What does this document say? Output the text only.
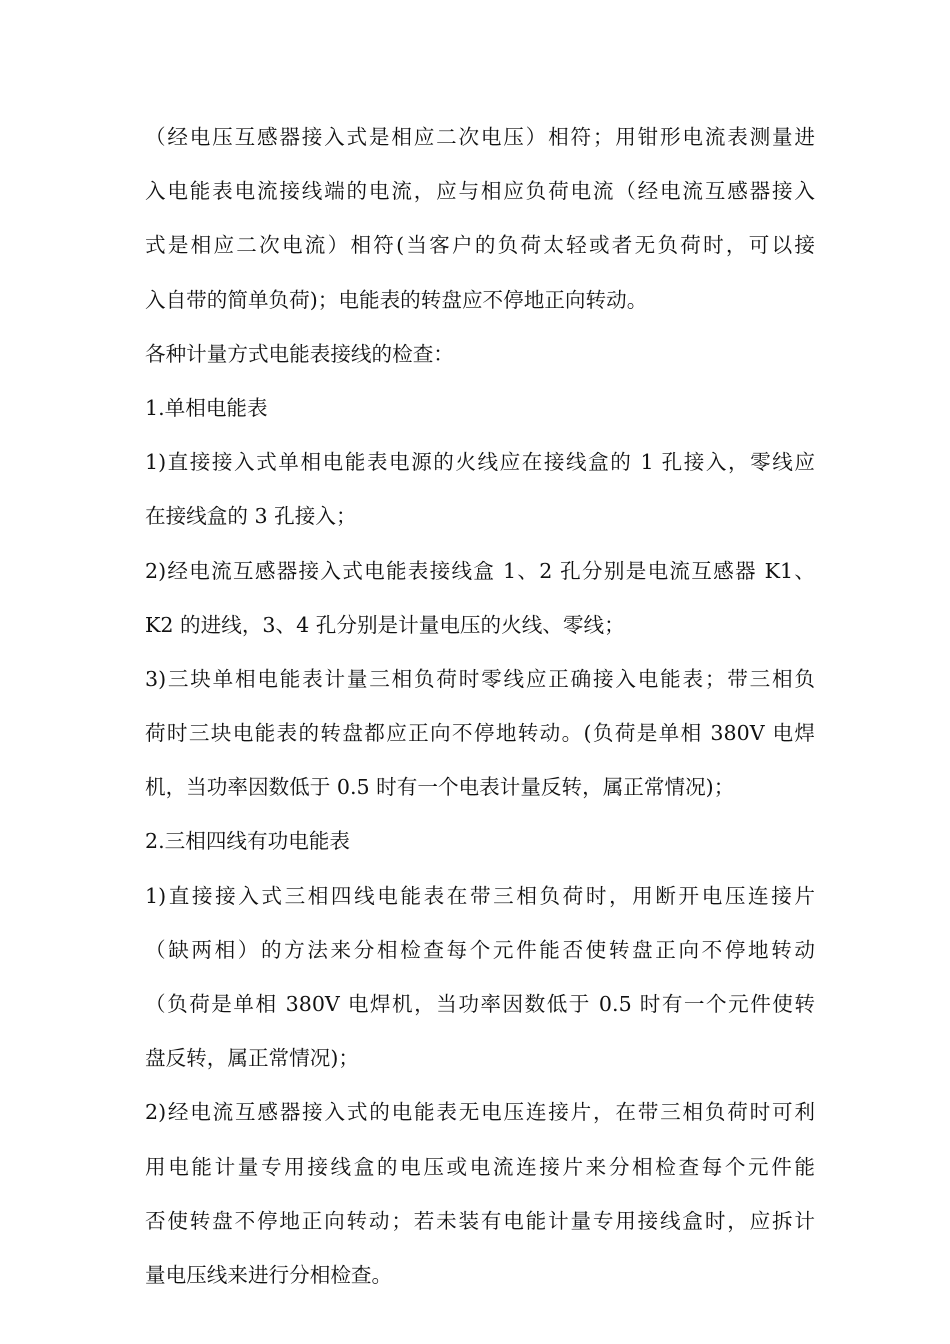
（经电压互感器接入式是相应二次电压）相符；用钳形电流表测量进
入电能表电流接线端的电流，应与相应负荷电流（经电流互感器接入
式是相应二次电流）相符(当客户的负荷太轻或者无负荷时，可以接
入自带的简单负荷)；电能表的转盘应不停地正向转动。
各种计量方式电能表接线的检查：
1.单相电能表
1)直接接入式单相电能表电源的火线应在接线盒的 1 孔接入，零线应
在接线盒的 3 孔接入；
2)经电流互感器接入式电能表接线盒 1、2 孔分别是电流互感器 K1、
K2 的进线，3、4 孔分别是计量电压的火线、零线；
3)三块单相电能表计量三相负荷时零线应正确接入电能表；带三相负
荷时三块电能表的转盘都应正向不停地转动。(负荷是单相 380V 电焊
机，当功率因数低于 0.5 时有一个电表计量反转，属正常情况)；
2.三相四线有功电能表
1)直接接入式三相四线电能表在带三相负荷时，用断开电压连接片
（缺两相）的方法来分相检查每个元件能否使转盘正向不停地转动
（负荷是单相 380V 电焊机，当功率因数低于 0.5 时有一个元件使转
盘反转，属正常情况)；
2)经电流互感器接入式的电能表无电压连接片，在带三相负荷时可利
用电能计量专用接线盒的电压或电流连接片来分相检查每个元件能
否使转盘不停地正向转动；若未装有电能计量专用接线盒时，应拆计
量电压线来进行分相检查。
